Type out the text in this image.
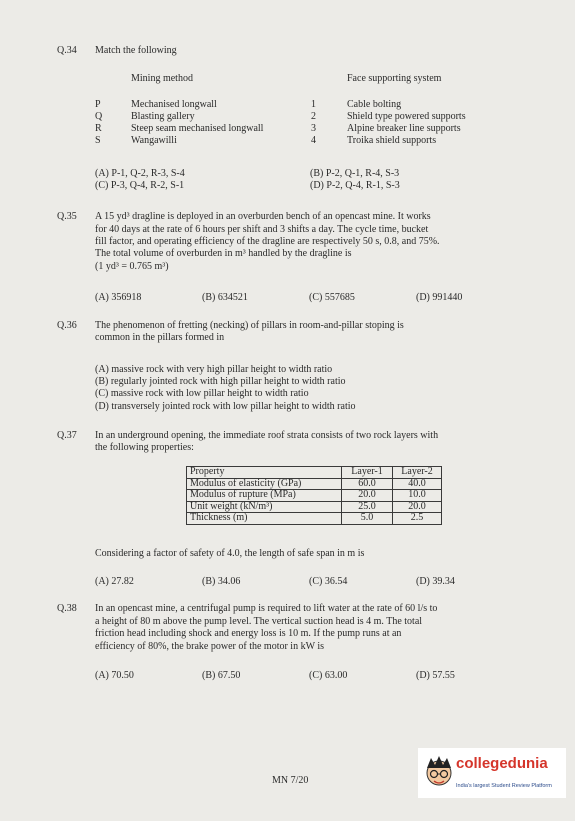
Q.34 Match the following
Mining method	Face supporting system
P	Mechanised longwall	1	Cable bolting
Q	Blasting gallery	2	Shield type powered supports
R	Steep seam mechanised longwall	3	Alpine breaker line supports
S	Wangawilli	4	Troika shield supports
(A) P-1, Q-2, R-3, S-4	(B) P-2, Q-1, R-4, S-3
(C) P-3, Q-4, R-2, S-1	(D) P-2, Q-4, R-1, S-3
Q.35 A 15 yd³ dragline is deployed in an overburden bench of an opencast mine. It works
for 40 days at the rate of 6 hours per shift and 3 shifts a day. The cycle time, bucket
fill factor, and operating efficiency of the dragline are respectively 50 s, 0.8, and 75%.
The total volume of overburden in m³ handled by the dragline is
(1 yd³ = 0.765 m³)
(A) 356918	(B) 634521	(C) 557685	(D) 991440
Q.36 The phenomenon of fretting (necking) of pillars in room-and-pillar stoping is
common in the pillars formed in
(A) massive rock with very high pillar height to width ratio
(B) regularly jointed rock with high pillar height to width ratio
(C) massive rock with low pillar height to width ratio
(D) transversely jointed rock with low pillar height to width ratio
Q.37 In an underground opening, the immediate roof strata consists of two rock layers with
the following properties:
Property	Layer-1	Layer-2
Modulus of elasticity (GPa)	60.0	40.0
Modulus of rupture (MPa)	20.0	10.0
Unit weight (kN/m³)	25.0	20.0
Thickness (m)	5.0	2.5
Considering a factor of safety of 4.0, the length of safe span in m is
(A) 27.82	(B) 34.06	(C) 36.54	(D) 39.34
Q.38 In an opencast mine, a centrifugal pump is required to lift water at the rate of 60 l/s to
a height of 80 m above the pump level. The vertical suction head is 4 m. The total
friction head including shock and energy loss is 10 m. If the pump runs at an
efficiency of 80%, the brake power of the motor in kW is
(A) 70.50	(B) 67.50	(C) 63.00	(D) 57.55
MN 7/20
collegedunia
India's largest Student Review Platform
